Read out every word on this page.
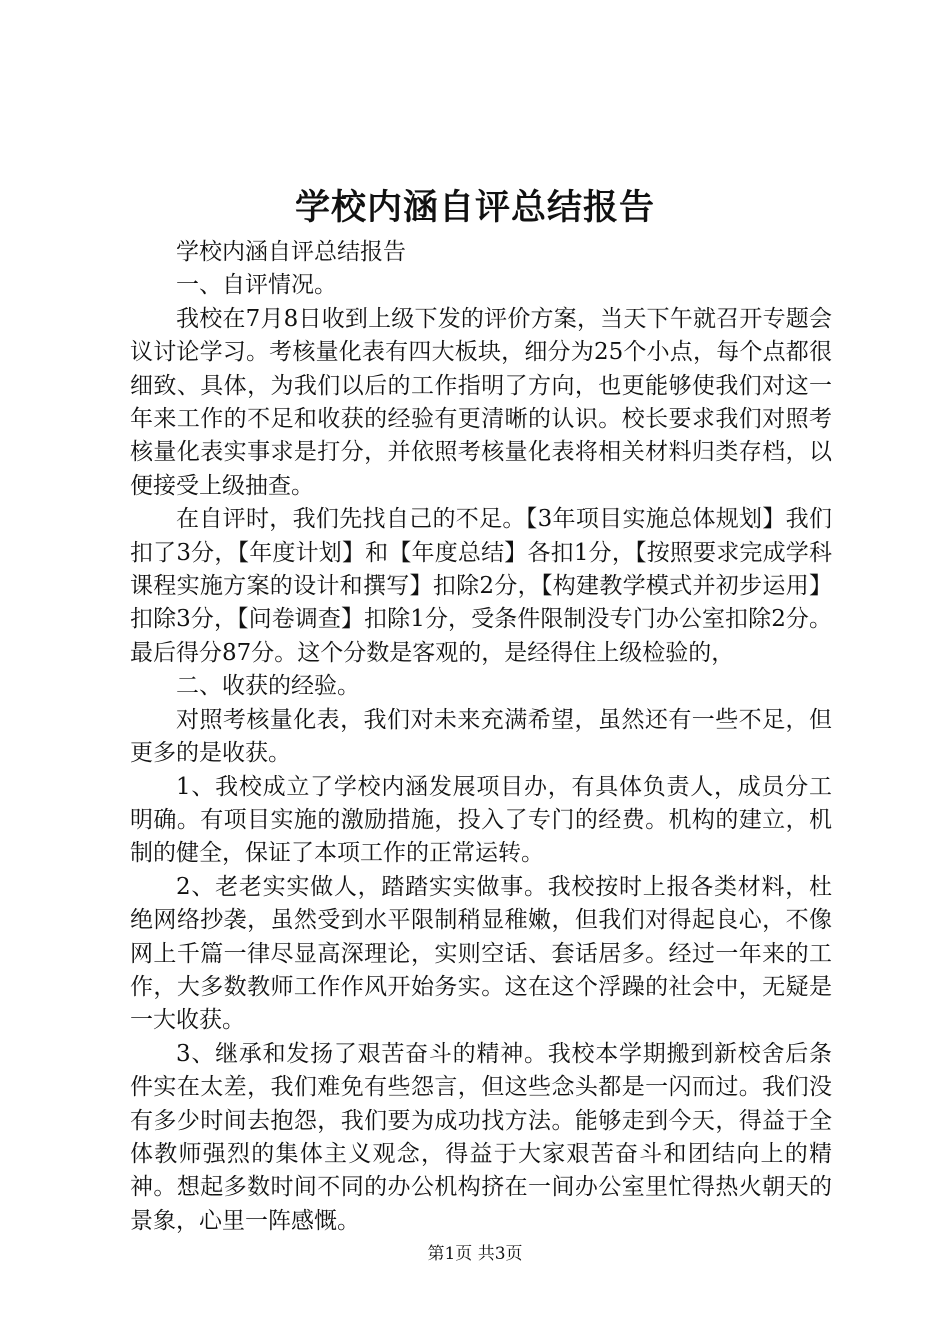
学校内涵自评总结报告

学校内涵自评总结报告

一、自评情况。

我校在7月8日收到上级下发的评价方案，当天下午就召开专题会议讨论学习。考核量化表有四大板块，细分为25个小点，每个点都很细致、具体，为我们以后的工作指明了方向，也更能够使我们对这一年来工作的不足和收获的经验有更清晰的认识。校长要求我们对照考核量化表实事求是打分，并依照考核量化表将相关材料归类存档，以便接受上级抽查。

在自评时，我们先找自己的不足。【3年项目实施总体规划】我们扣了3分，【年度计划】和【年度总结】各扣1分，【按照要求完成学科课程实施方案的设计和撰写】扣除2分，【构建教学模式并初步运用】扣除3分，【问卷调查】扣除1分，受条件限制没专门办公室扣除2分。最后得分87分。这个分数是客观的，是经得住上级检验的，

二、收获的经验。

对照考核量化表，我们对未来充满希望，虽然还有一些不足，但更多的是收获。

1、我校成立了学校内涵发展项目办，有具体负责人，成员分工明确。有项目实施的激励措施，投入了专门的经费。机构的建立，机制的健全，保证了本项工作的正常运转。

2、老老实实做人，踏踏实实做事。我校按时上报各类材料，杜绝网络抄袭，虽然受到水平限制稍显稚嫩，但我们对得起良心，不像网上千篇一律尽显高深理论，实则空话、套话居多。经过一年来的工作，大多数教师工作作风开始务实。这在这个浮躁的社会中，无疑是一大收获。

3、继承和发扬了艰苦奋斗的精神。我校本学期搬到新校舍后条件实在太差，我们难免有些怨言，但这些念头都是一闪而过。我们没有多少时间去抱怨，我们要为成功找方法。能够走到今天，得益于全体教师强烈的集体主义观念，得益于大家艰苦奋斗和团结向上的精神。想起多数时间不同的办公机构挤在一间办公室里忙得热火朝天的景象，心里一阵感慨。

第1页 共3页
